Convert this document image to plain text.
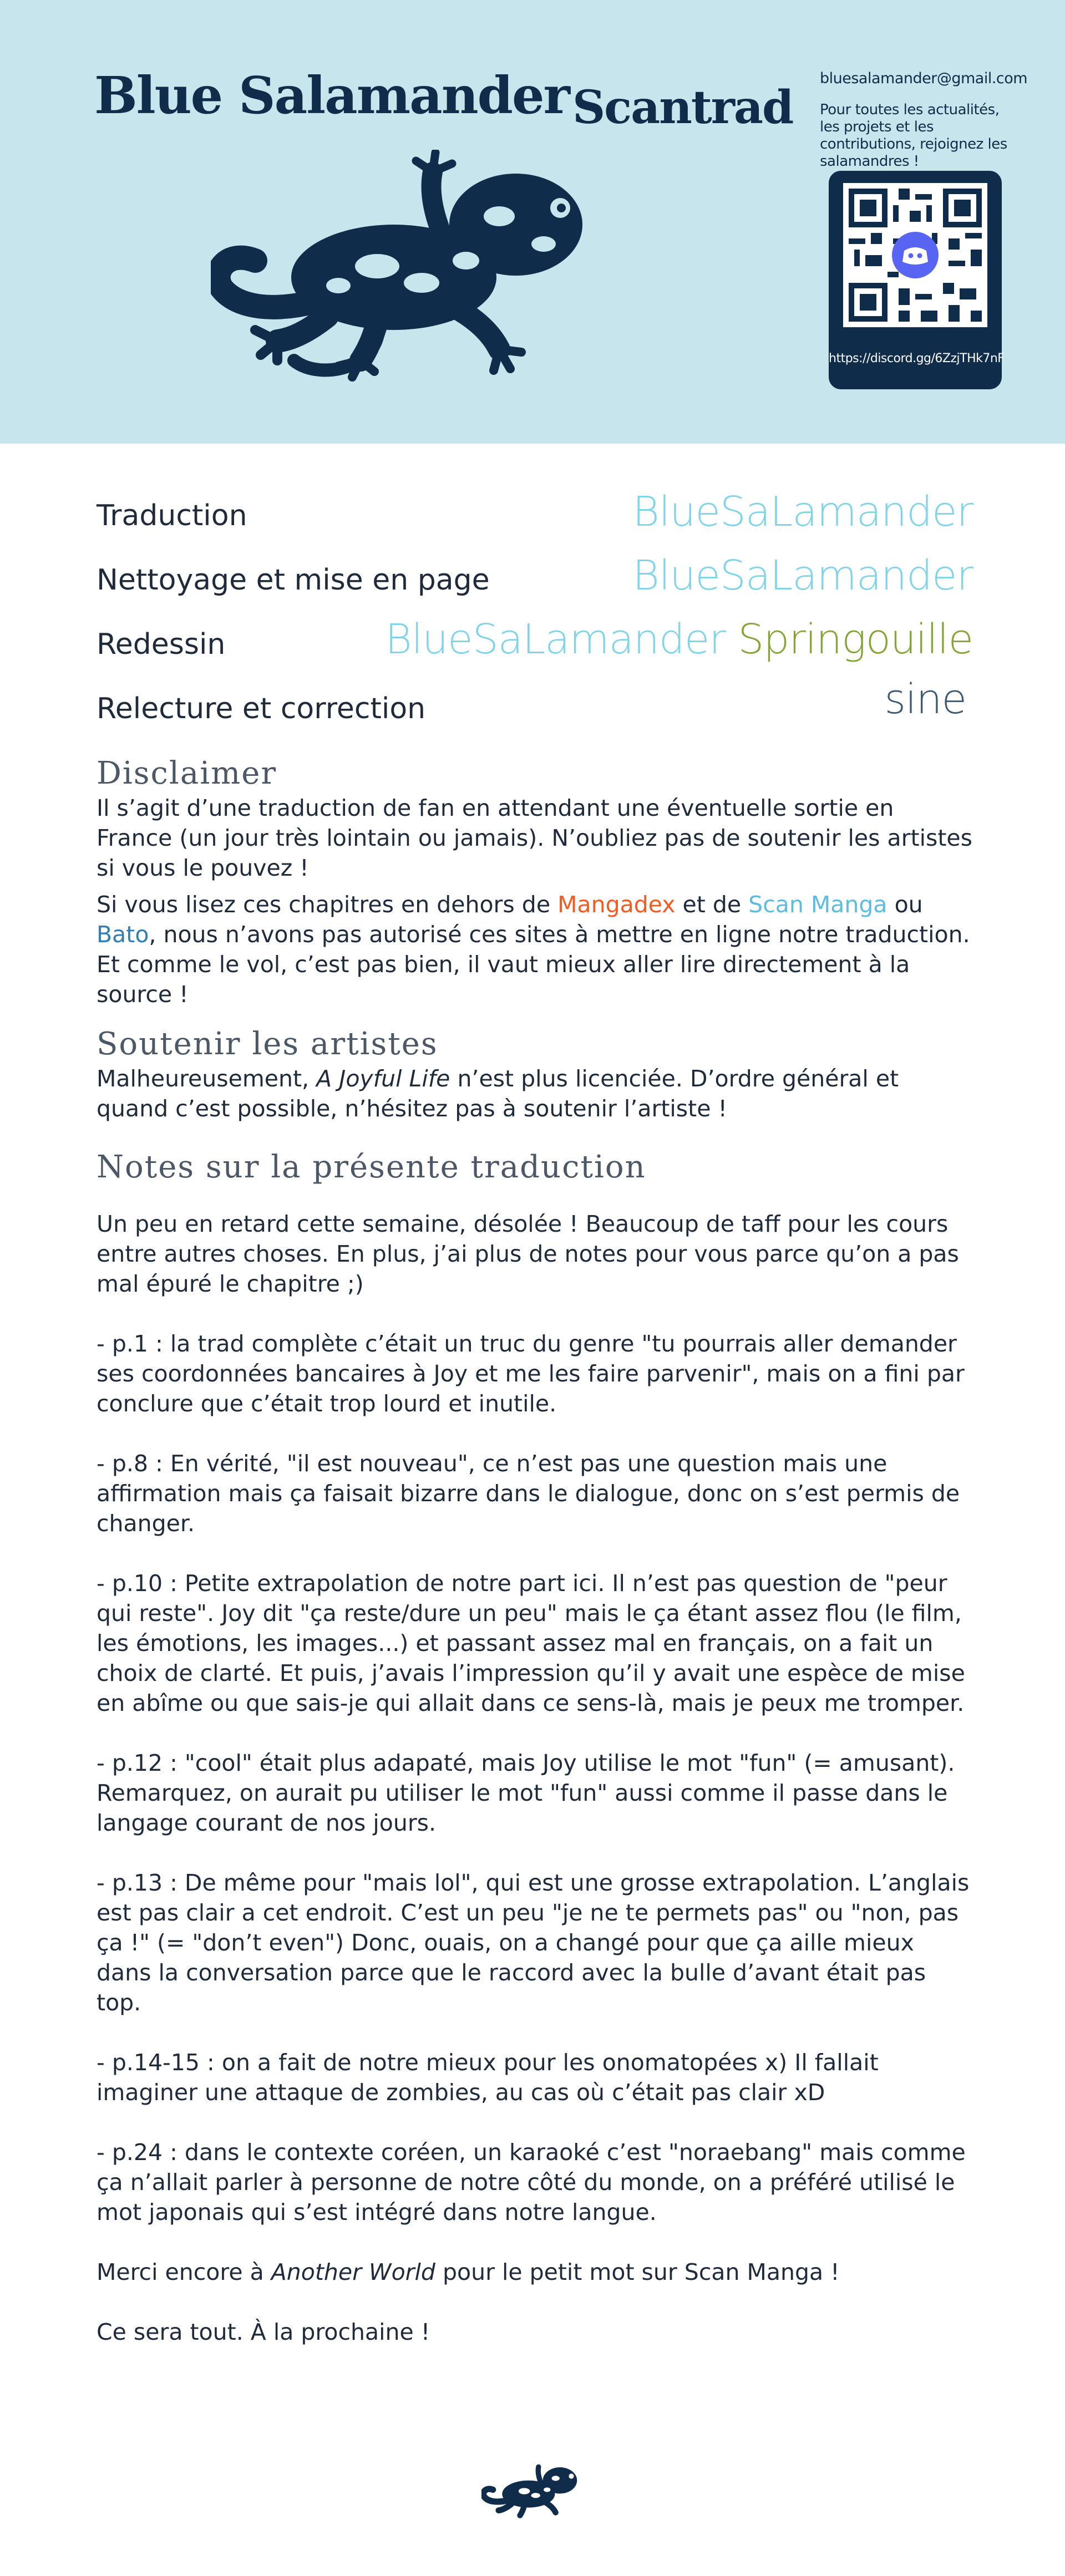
Blue SalamanderScantrad
bluesalamander@gmail.com
Pour toutes les actualités, les projets et les contributions, rejoignez les salamandres !
https://discord.gg/6ZzjTHk7nF
Traduction	BlueSaLamander
Nettoyage et mise en page	BlueSaLamander
Redessin	BlueSaLamander Springouille
Relecture et correction	sine
Disclaimer

Il s’agit d’une traduction de fan en attendant une éventuelle sortie en France (un jour très lointain ou jamais). N’oubliez pas de soutenir les artistes si vous le pouvez !

Si vous lisez ces chapitres en dehors de Mangadex et de Scan Manga ou Bato, nous n’avons pas autorisé ces sites à mettre en ligne notre traduction. Et comme le vol, c’est pas bien, il vaut mieux aller lire directement à la source !

Soutenir les artistes

Malheureusement, A Joyful Life n’est plus licenciée. D’ordre général et quand c’est possible, n’hésitez pas à soutenir l’artiste !

Notes sur la présente traduction

Un peu en retard cette semaine, désolée ! Beaucoup de taff pour les cours entre autres choses. En plus, j’ai plus de notes pour vous parce qu’on a pas mal épuré le chapitre ;)

- p.1 : la trad complète c’était un truc du genre "tu pourrais aller demander ses coordonnées bancaires à Joy et me les faire parvenir", mais on a fini par conclure que c’était trop lourd et inutile.

- p.8 : En vérité, "il est nouveau", ce n’est pas une question mais une affirmation mais ça faisait bizarre dans le dialogue, donc on s’est permis de changer.

- p.10 : Petite extrapolation de notre part ici. Il n’est pas question de "peur qui reste". Joy dit "ça reste/dure un peu" mais le ça étant assez flou (le film, les émotions, les images...) et passant assez mal en français, on a fait un choix de clarté. Et puis, j’avais l’impression qu’il y avait une espèce de mise en abîme ou que sais-je qui allait dans ce sens-là, mais je peux me tromper.

- p.12 : "cool" était plus adapaté, mais Joy utilise le mot "fun" (= amusant). Remarquez, on aurait pu utiliser le mot "fun" aussi comme il passe dans le langage courant de nos jours.

- p.13 : De même pour "mais lol", qui est une grosse extrapolation. L’anglais est pas clair a cet endroit. C’est un peu "je ne te permets pas" ou "non, pas ça !" (= "don’t even") Donc, ouais, on a changé pour que ça aille mieux dans la conversation parce que le raccord avec la bulle d’avant était pas top.

- p.14-15 : on a fait de notre mieux pour les onomatopées x) Il fallait imaginer une attaque de zombies, au cas où c’était pas clair xD

- p.24 : dans le contexte coréen, un karaoké c’est "noraebang" mais comme ça n’allait parler à personne de notre côté du monde, on a préféré utilisé le mot japonais qui s’est intégré dans notre langue.

Merci encore à Another World pour le petit mot sur Scan Manga !

Ce sera tout. À la prochaine !
